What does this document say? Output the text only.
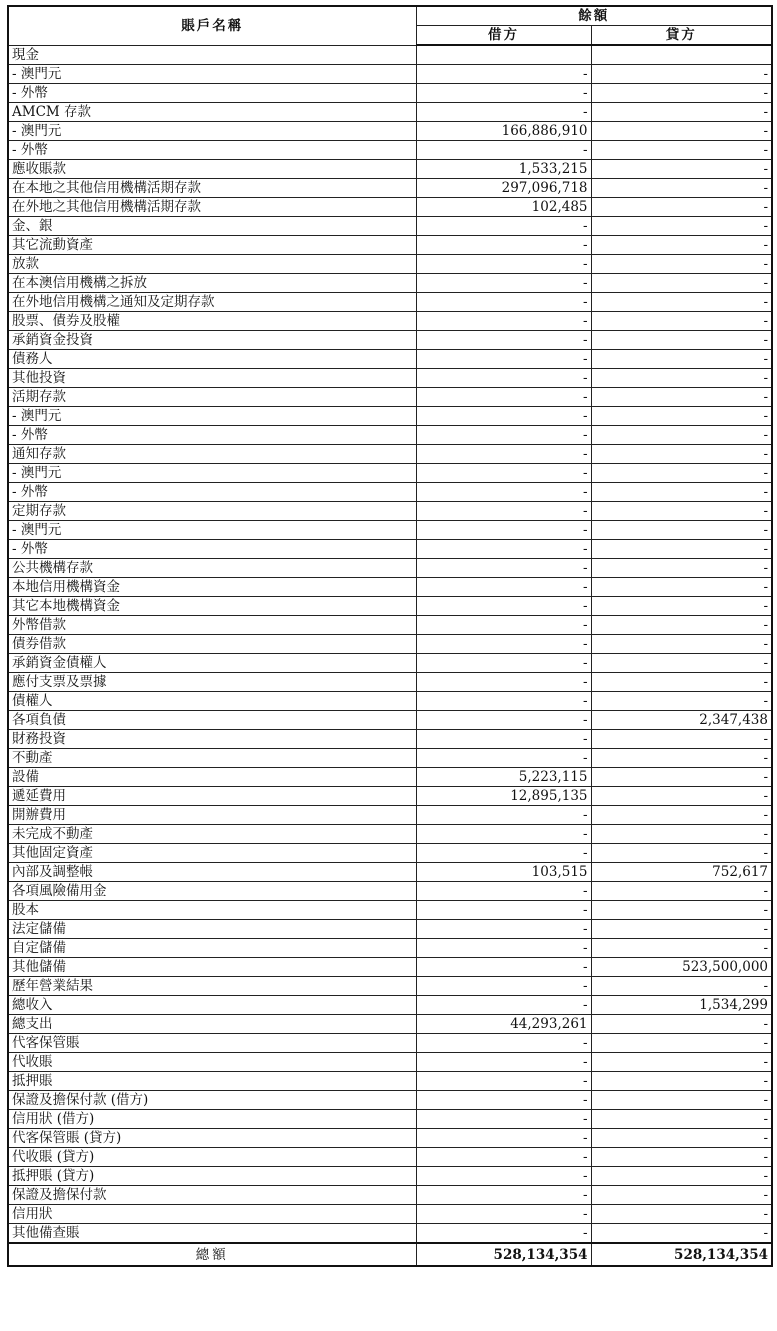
賬戶名稱	餘額	
	借方	貸方
現金		
- 澳門元	-	-
- 外幣	-	-
AMCM 存款	-	-
- 澳門元	166,886,910	-
- 外幣	-	-
應收賬款	1,533,215	-
在本地之其他信用機構活期存款	297,096,718	-
在外地之其他信用機構活期存款	102,485	-
金、銀	-	-
其它流動資產	-	-
放款	-	-
在本澳信用機構之拆放	-	-
在外地信用機構之通知及定期存款	-	-
股票、債券及股權	-	-
承銷資金投資	-	-
債務人	-	-
其他投資	-	-
活期存款	-	-
- 澳門元	-	-
- 外幣	-	-
通知存款	-	-
- 澳門元	-	-
- 外幣	-	-
定期存款	-	-
- 澳門元	-	-
- 外幣	-	-
公共機構存款	-	-
本地信用機構資金	-	-
其它本地機構資金	-	-
外幣借款	-	-
債券借款	-	-
承銷資金債權人	-	-
應付支票及票據	-	-
債權人	-	-
各項負債	-	2,347,438
財務投資	-	-
不動產	-	-
設備	5,223,115	-
遞延費用	12,895,135	-
開辦費用	-	-
未完成不動產	-	-
其他固定資產	-	-
內部及調整帳	103,515	752,617
各項風險備用金	-	-
股本	-	-
法定儲備	-	-
自定儲備	-	-
其他儲備	-	523,500,000
歷年營業結果	-	-
總收入	-	1,534,299
總支出	44,293,261	-
代客保管賬	-	-
代收賬	-	-
抵押賬	-	-
保證及擔保付款 (借方)	-	-
信用狀 (借方)	-	-
代客保管賬 (貸方)	-	-
代收賬 (貸方)	-	-
抵押賬 (貸方)	-	-
保證及擔保付款	-	-
信用狀	-	-
其他備查賬	-	-
總額	528,134,354	528,134,354
